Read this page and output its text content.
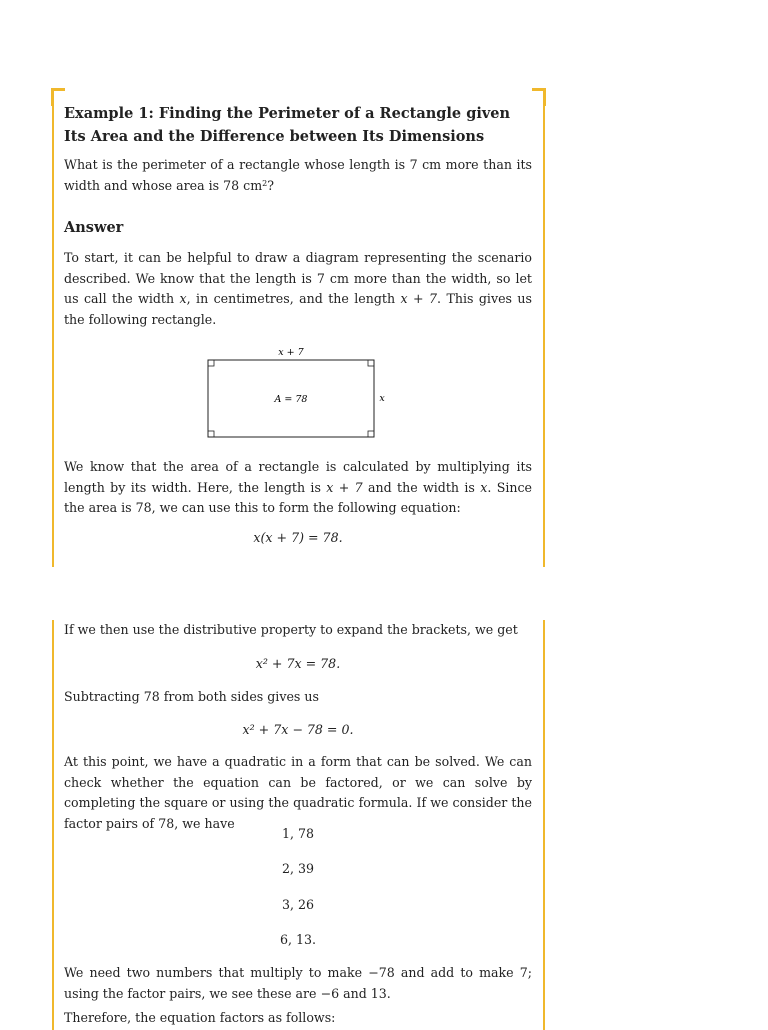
Example 1: Finding the Perimeter of a Rectangle given Its Area and the Difference between Its Dimensions
What is the perimeter of a rectangle whose length is 7 cm more than its width and whose area is 78 $cm^2$?
Answer
To start, it can be helpful to draw a diagram representing the scenario described. We know that the length is 7 cm more than the width, so let us call the width x, in centimetres, and the length x + 7. This gives us the following rectangle.
x + 7
x
A = 78
We know that the area of a rectangle is calculated by multiplying its length by its width. Here, the length is x + 7 and the width is x. Since the area is 78, we can use this to form the following equation:
x(x + 7) = 78.
If we then use the distributive property to expand the brackets, we get
x² + 7x = 78.
Subtracting 78 from both sides gives us
x² + 7x − 78 = 0.
At this point, we have a quadratic in a form that can be solved. We can check whether the equation can be factored, or we can solve by completing the square or using the quadratic formula. If we consider the factor pairs of 78, we have
1, 78
2, 39
3, 26
6, 13.
We need two numbers that multiply to make −78 and add to make 7; using the factor pairs, we see these are −6 and 13.
Therefore, the equation factors as follows:
